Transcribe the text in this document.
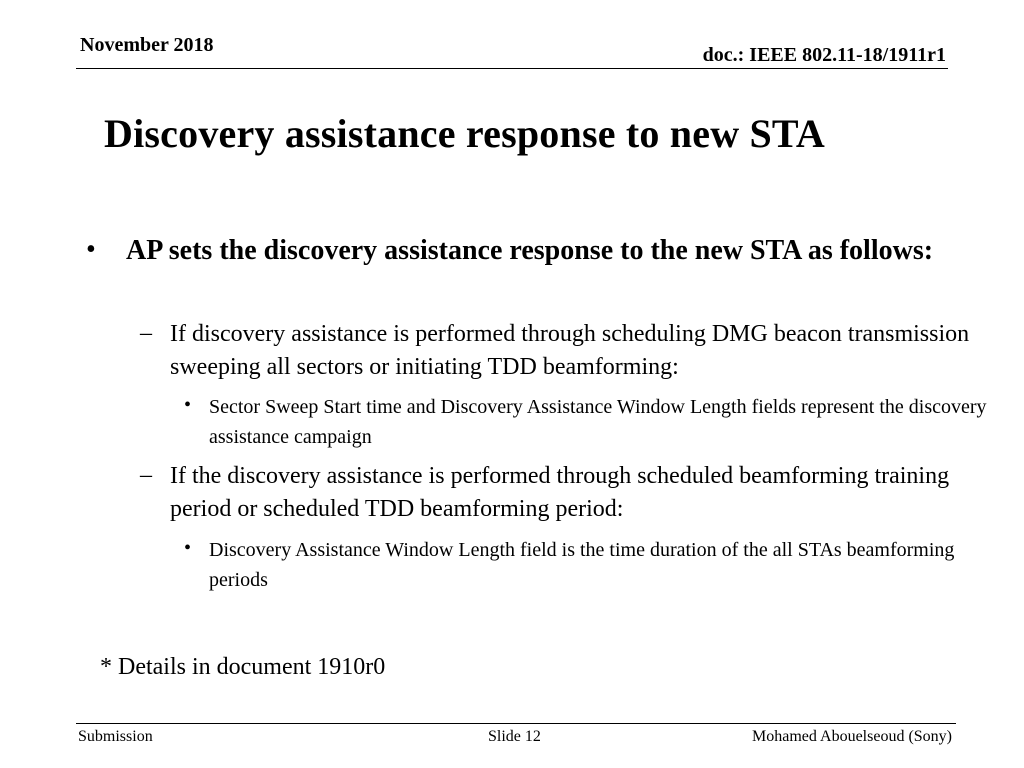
November 2018	doc.: IEEE 802.11-18/1911r1
Discovery assistance response to new STA
• AP sets the discovery assistance response to the new STA as follows:
– If discovery assistance is performed through scheduling DMG beacon transmission sweeping all sectors or initiating TDD beamforming:
• Sector Sweep Start time and Discovery Assistance Window Length fields represent the discovery assistance campaign
– If the discovery assistance is performed through scheduled beamforming training period or scheduled TDD beamforming period:
• Discovery Assistance Window Length field is the time duration of the all STAs beamforming periods
* Details in document 1910r0
Submission	Slide 12	Mohamed Abouelseoud (Sony)
